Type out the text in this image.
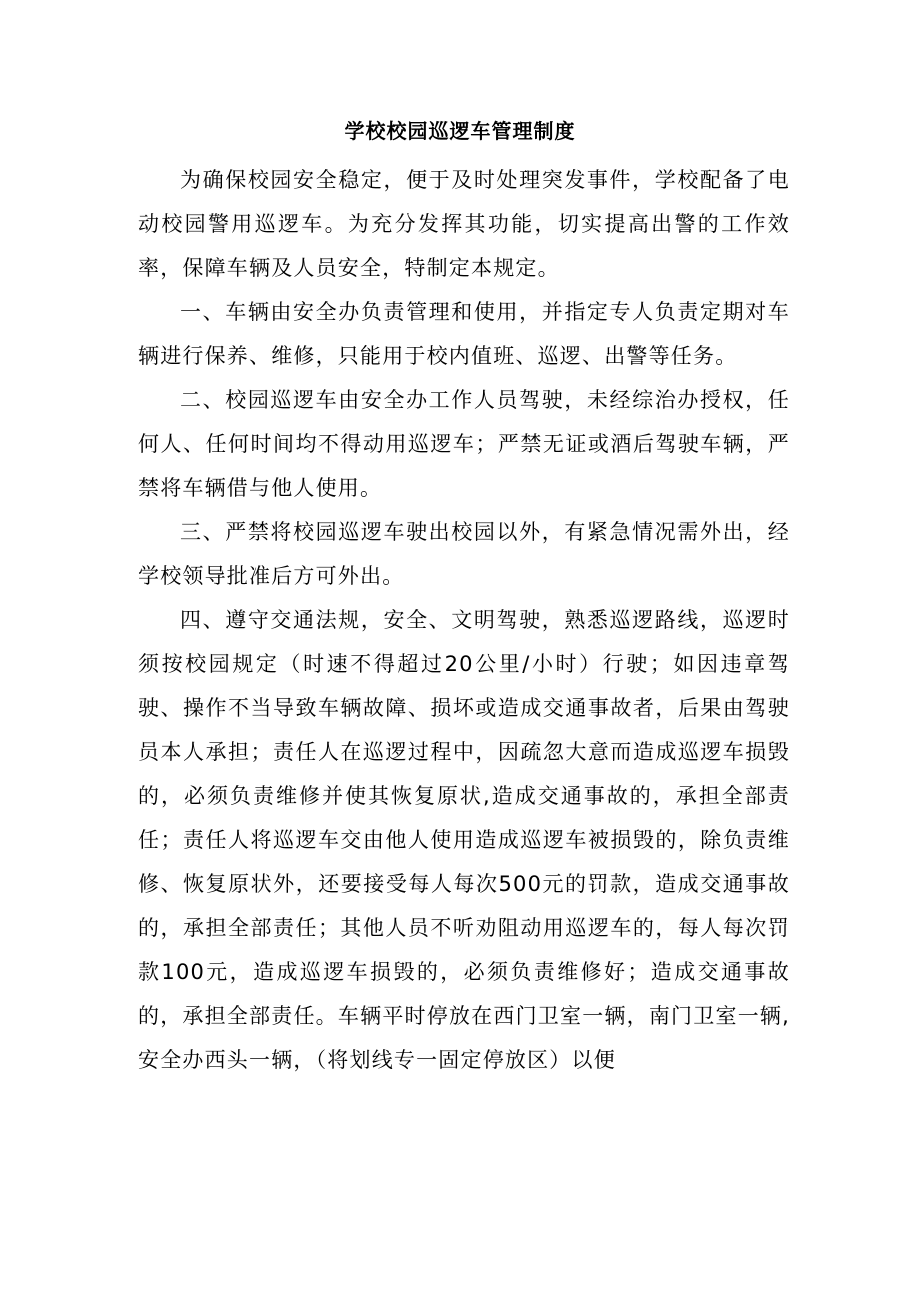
学校校园巡逻车管理制度

为确保校园安全稳定，便于及时处理突发事件，学校配备了电动校园警用巡逻车。为充分发挥其功能，切实提高出警的工作效率，保障车辆及人员安全，特制定本规定。

一、车辆由安全办负责管理和使用，并指定专人负责定期对车辆进行保养、维修，只能用于校内值班、巡逻、出警等任务。

二、校园巡逻车由安全办工作人员驾驶，未经综治办授权，任何人、任何时间均不得动用巡逻车；严禁无证或酒后驾驶车辆，严禁将车辆借与他人使用。

三、严禁将校园巡逻车驶出校园以外，有紧急情况需外出，经学校领导批准后方可外出。

四、遵守交通法规，安全、文明驾驶，熟悉巡逻路线，巡逻时须按校园规定（时速不得超过20公里/小时）行驶；如因违章驾驶、操作不当导致车辆故障、损坏或造成交通事故者，后果由驾驶员本人承担；责任人在巡逻过程中，因疏忽大意而造成巡逻车损毁的，必须负责维修并使其恢复原状,造成交通事故的，承担全部责任；责任人将巡逻车交由他人使用造成巡逻车被损毁的，除负责维修、恢复原状外，还要接受每人每次500元的罚款，造成交通事故的，承担全部责任；其他人员不听劝阻动用巡逻车的，每人每次罚款100元，造成巡逻车损毁的，必须负责维修好；造成交通事故的，承担全部责任。车辆平时停放在西门卫室一辆，南门卫室一辆,安全办西头一辆，（将划线专一固定停放区）以便
